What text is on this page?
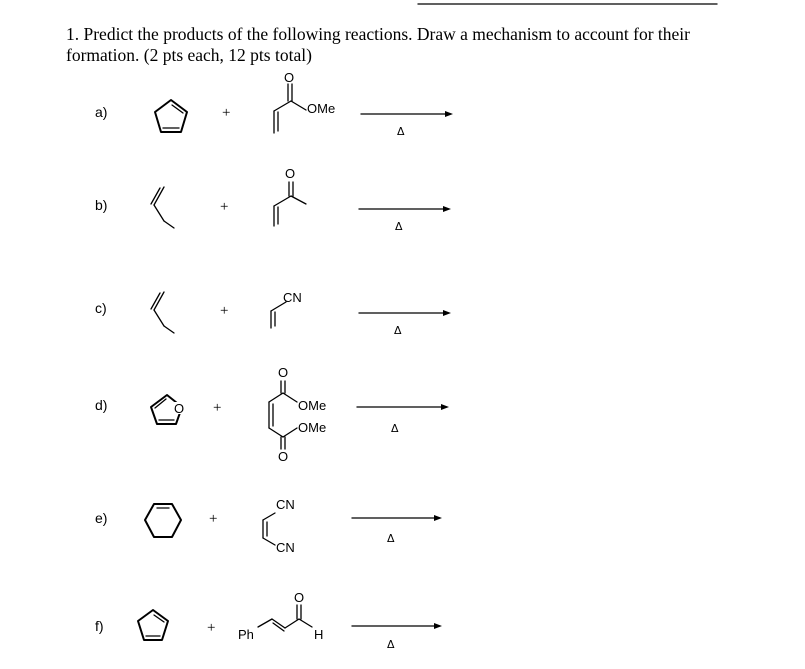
1. Predict the products of the following reactions. Draw a mechanism to account for their formation. (2 pts each, 12 pts total)
a)	+
O
OMe
Δ
b)	+
O
Δ
c)	+
CN
Δ
d)	+
O
O
OMe
OMe
O
Δ
e)	+
CN
CN
Δ
f)	+ Ph
O
H
Δ
